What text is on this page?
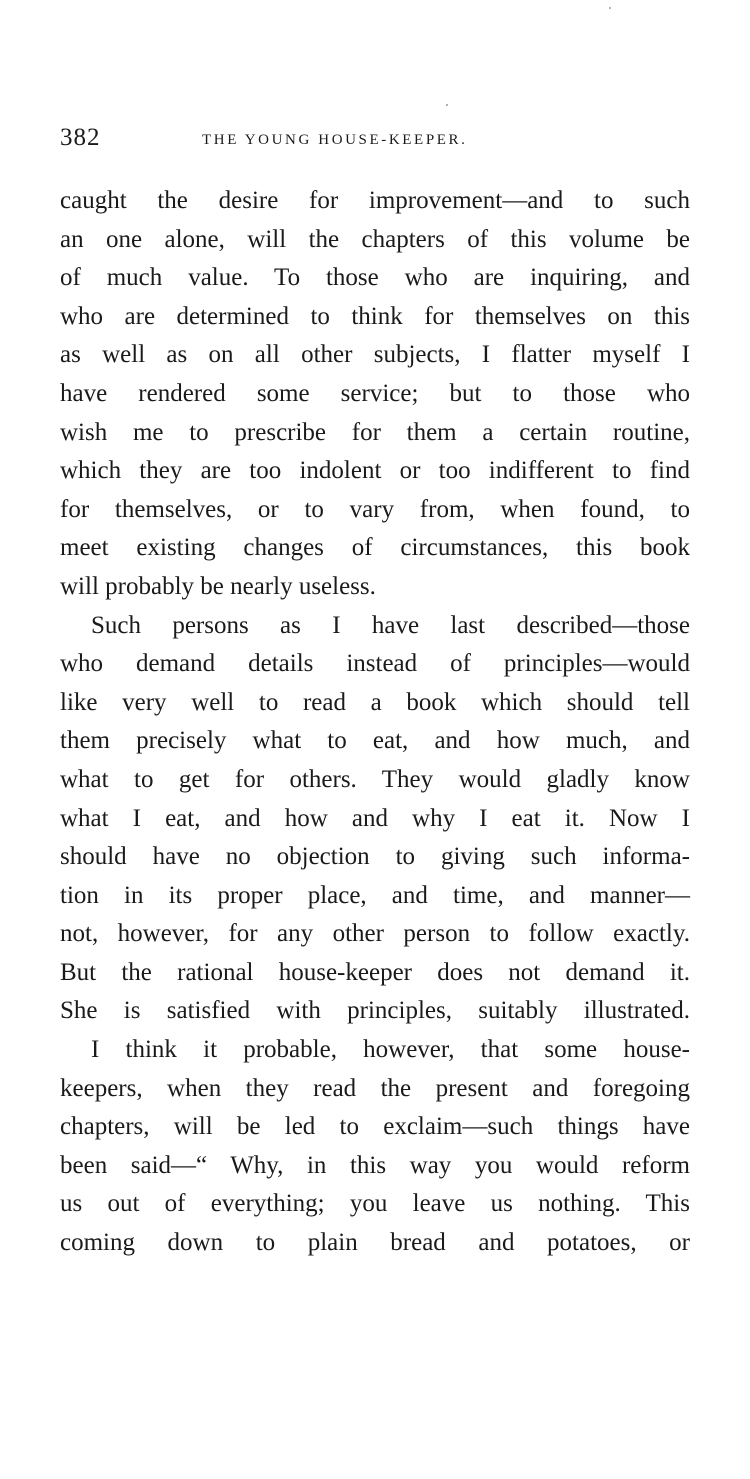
382	THE YOUNG HOUSE-KEEPER.
caught the desire for improvement—and to such
an one alone, will the chapters of this volume be
of much value. To those who are inquiring, and
who are determined to think for themselves on this
as well as on all other subjects, I flatter myself I
have rendered some service; but to those who
wish me to prescribe for them a certain routine,
which they are too indolent or too indifferent to find
for themselves, or to vary from, when found, to
meet existing changes of circumstances, this book
will probably be nearly useless.
Such persons as I have last described—those
who demand details instead of principles—would
like very well to read a book which should tell
them precisely what to eat, and how much, and
what to get for others. They would gladly know
what I eat, and how and why I eat it. Now I
should have no objection to giving such informa-
tion in its proper place, and time, and manner—
not, however, for any other person to follow exactly.
But the rational house-keeper does not demand it.
She is satisfied with principles, suitably illustrated.
I think it probable, however, that some house-
keepers, when they read the present and foregoing
chapters, will be led to exclaim—such things have
been said—“ Why, in this way you would reform
us out of everything; you leave us nothing. This
coming down to plain bread and potatoes, or
